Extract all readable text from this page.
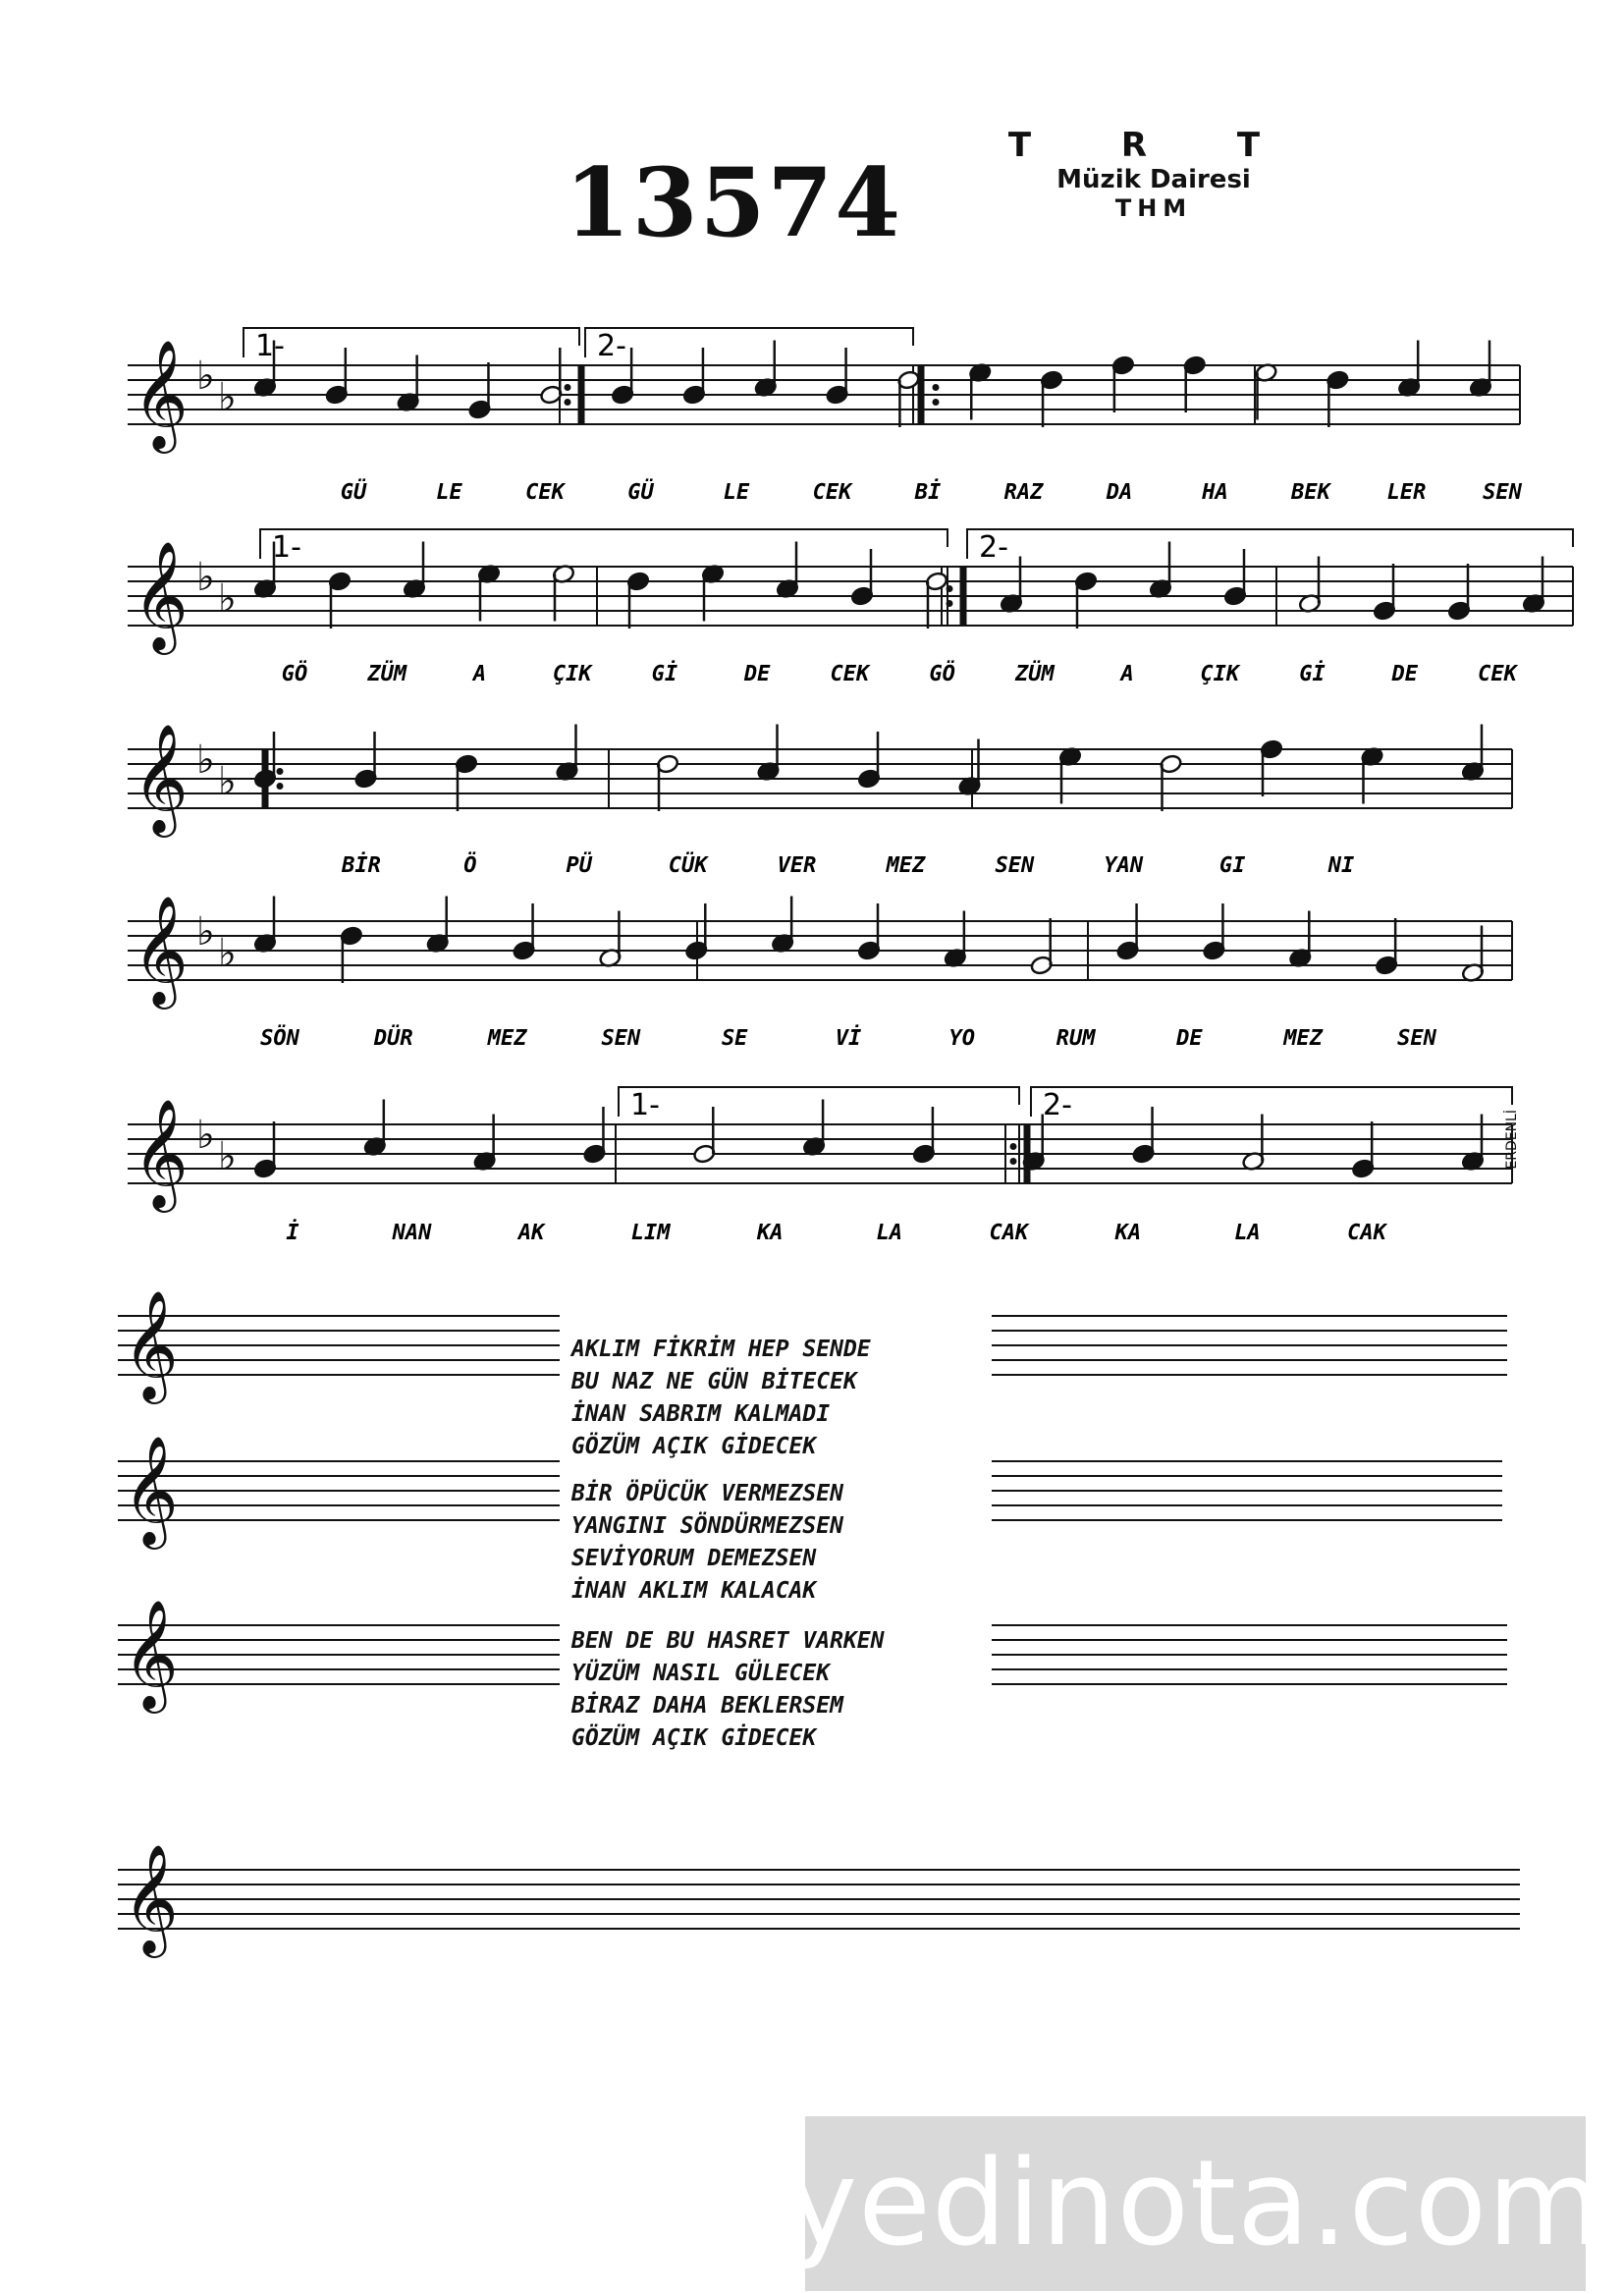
13574
T R T
Müzik Dairesi
THM
𝄞 ♭ ♭
1-	2-
GÜ	LE	CEK	GÜ	LE	CEK	Bİ	RAZ	DA	HA	BEK	LER	SEN
𝄞 ♭ ♭
1-	2-
GÖ	ZÜM	A	ÇIK	Gİ	DE	CEK	GÖ	ZÜM	A	ÇIK	Gİ	DE	CEK
𝄞 ♭ ♭
BİR	Ö	PÜ	CÜK	VER	MEZ	SEN	YAN	GI	NI
𝄞 ♭ ♭
SÖN	DÜR	MEZ	SEN	SE	Vİ	YO	RUM	DE	MEZ	SEN
𝄞 ♭ ♭
1-	2-
İ	NAN	AK	LIM	KA	LA	CAK	KA	LA	CAK
𝄞
𝄞
𝄞
𝄞
ERDENLİ
AKLIM FİKRİM HEP SENDE
BU NAZ NE GÜN BİTECEK
İNAN SABRIM KALMADI
GÖZÜM AÇIK GİDECEK
BİR ÖPÜCÜK VERMEZSEN
YANGINI SÖNDÜRMEZSEN
SEVİYORUM DEMEZSEN
İNAN AKLIM KALACAK
BEN DE BU HASRET VARKEN
YÜZÜM NASIL GÜLECEK
BİRAZ DAHA BEKLERSEM
GÖZÜM AÇIK GİDECEK
yedinota.com
